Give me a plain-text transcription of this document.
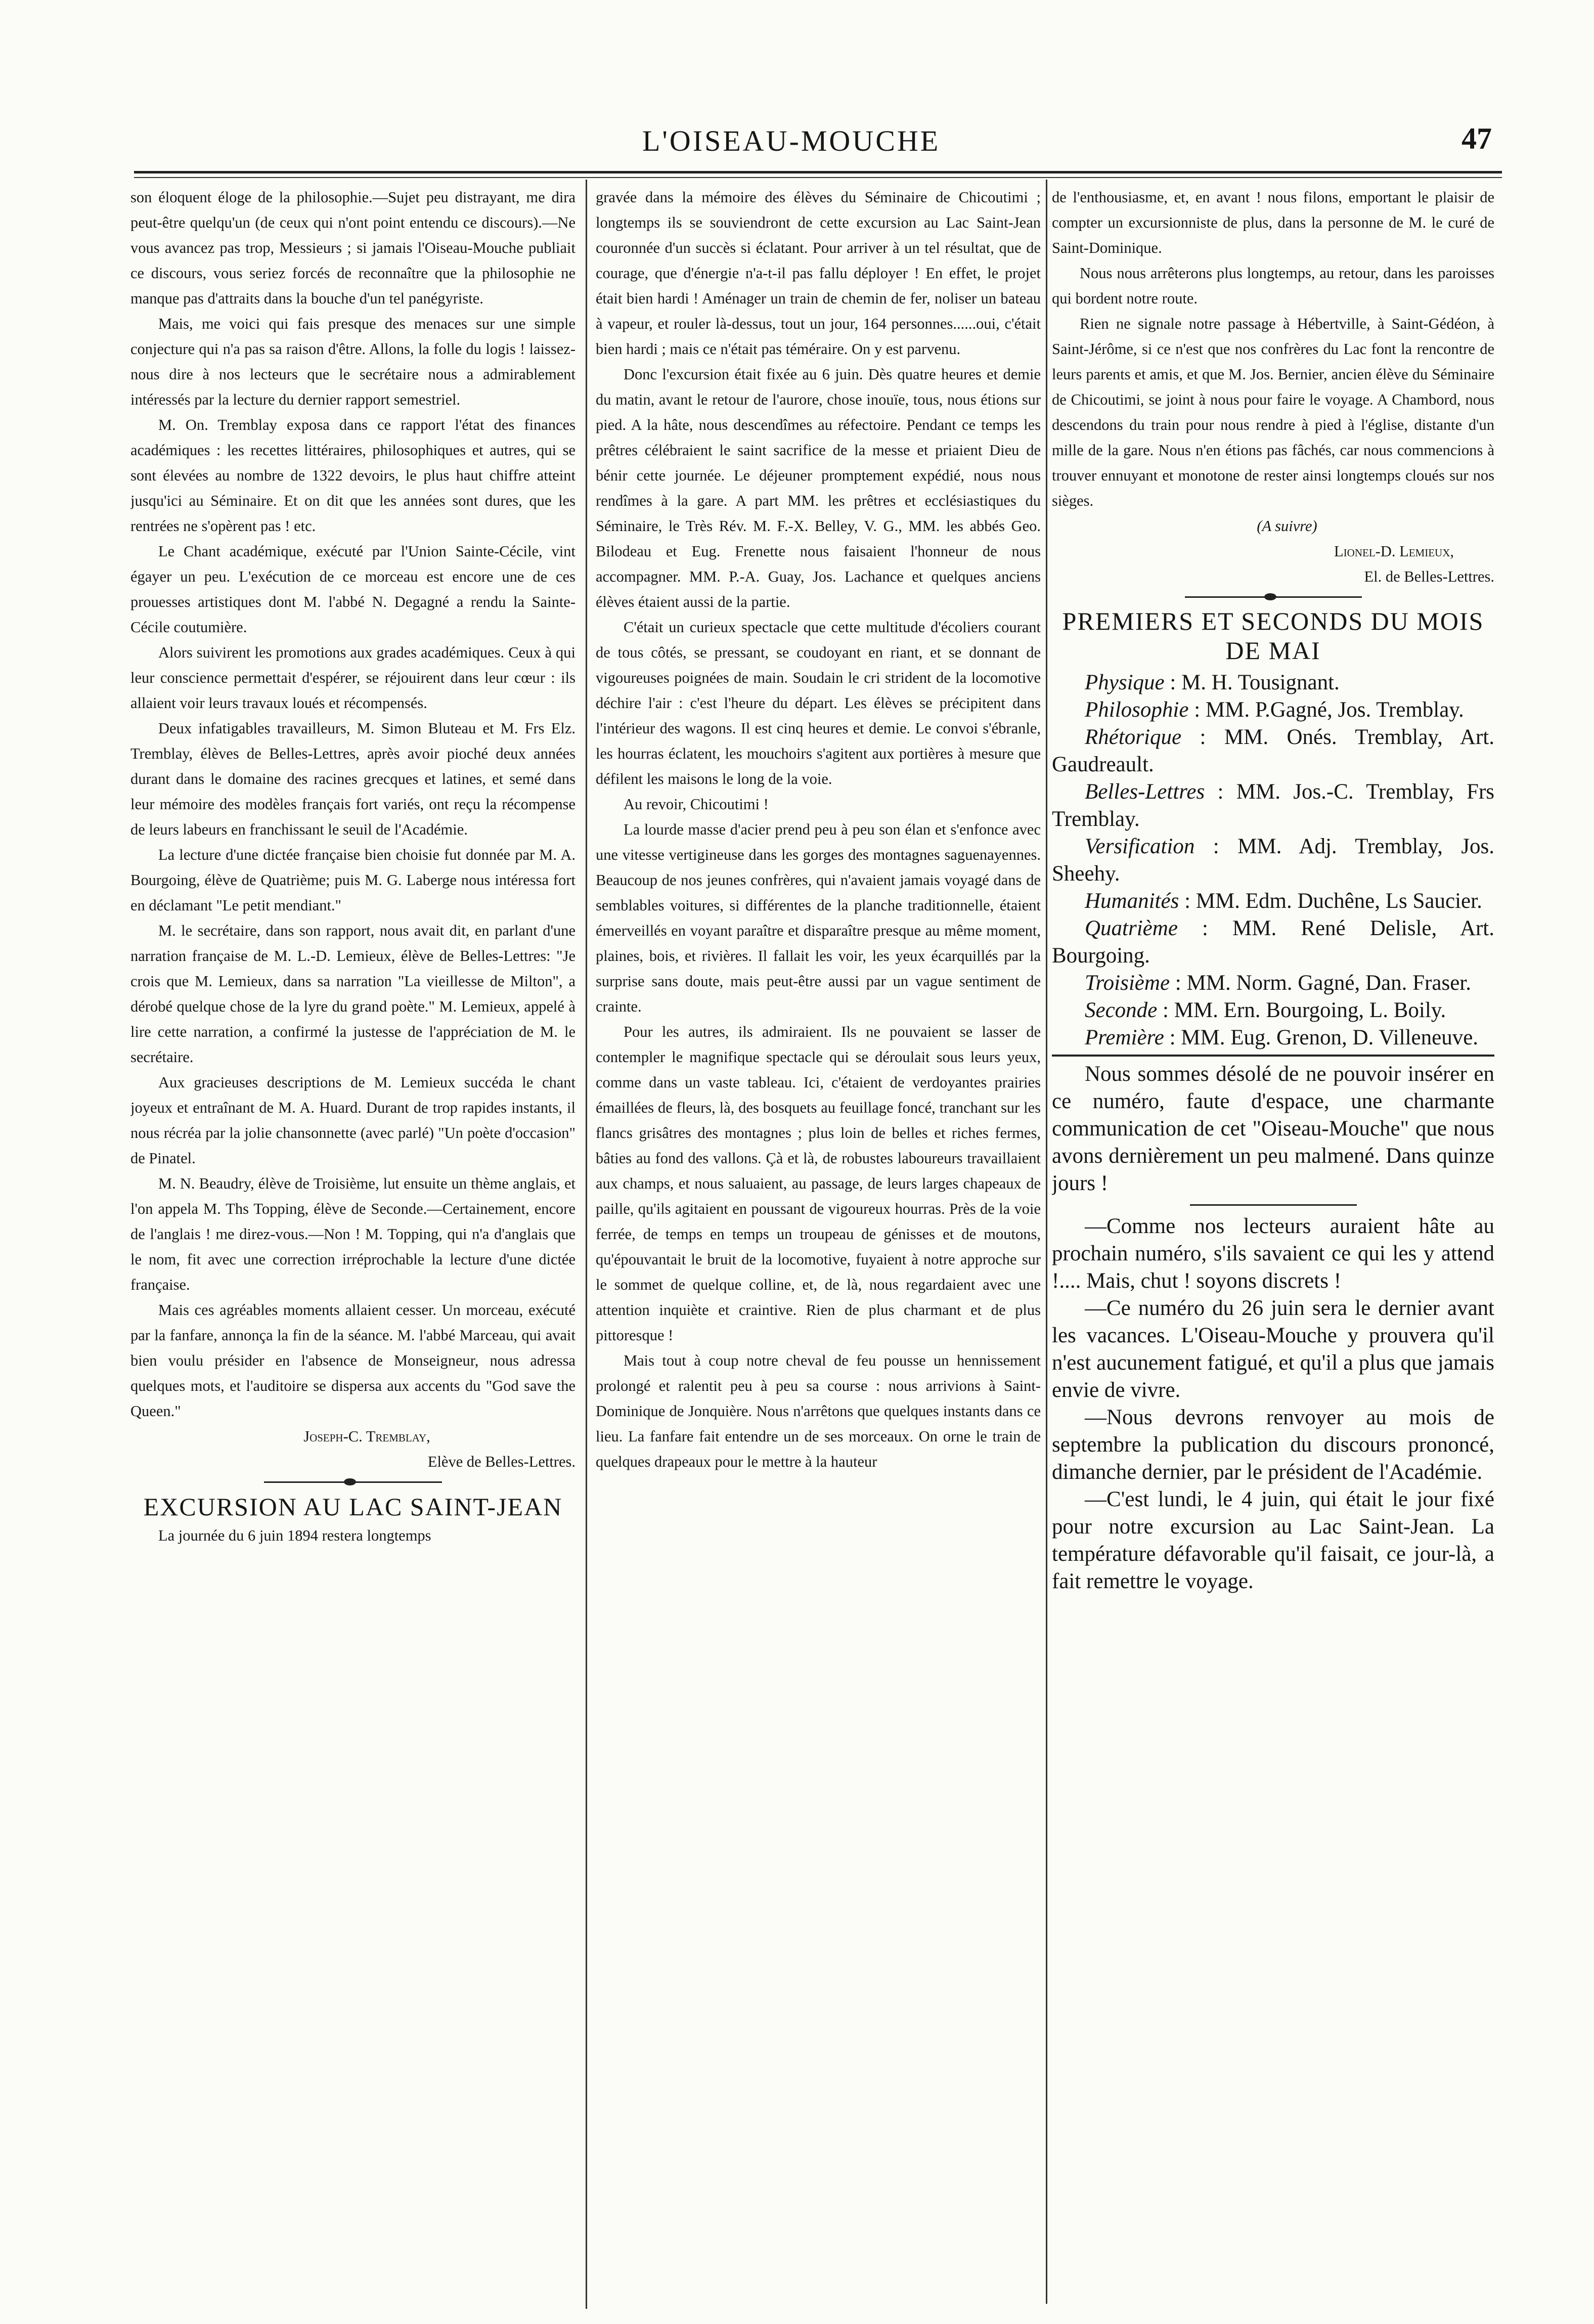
L'OISEAU-MOUCHE	47

son éloquent éloge de la philosophie.—Sujet peu distrayant, me dira peut-être quelqu'un (de ceux qui n'ont point entendu ce discours).—Ne vous avancez pas trop, Messieurs ; si jamais l'Oiseau-Mouche publiait ce discours, vous seriez forcés de reconnaître que la philosophie ne manque pas d'attraits dans la bouche d'un tel panégyriste.

Mais, me voici qui fais presque des menaces sur une simple conjecture qui n'a pas sa raison d'être. Allons, la folle du logis ! laissez-nous dire à nos lecteurs que le secrétaire nous a admirablement intéressés par la lecture du dernier rapport semestriel.

M. On. Tremblay exposa dans ce rapport l'état des finances académiques : les recettes littéraires, philosophiques et autres, qui se sont élevées au nombre de 1322 devoirs, le plus haut chiffre atteint jusqu'ici au Séminaire. Et on dit que les années sont dures, que les rentrées ne s'opèrent pas ! etc.

Le Chant académique, exécuté par l'Union Sainte-Cécile, vint égayer un peu. L'exécution de ce morceau est encore une de ces prouesses artistiques dont M. l'abbé N. Degagné a rendu la Sainte-Cécile coutumière.

Alors suivirent les promotions aux grades académiques. Ceux à qui leur conscience permettait d'espérer, se réjouirent dans leur cœur : ils allaient voir leurs travaux loués et récompensés.

Deux infatigables travailleurs, M. Simon Bluteau et M. Frs Elz. Tremblay, élèves de Belles-Lettres, après avoir pioché deux années durant dans le domaine des racines grecques et latines, et semé dans leur mémoire des modèles français fort variés, ont reçu la récompense de leurs labeurs en franchissant le seuil de l'Académie.

La lecture d'une dictée française bien choisie fut donnée par M. A. Bourgoing, élève de Quatrième; puis M. G. Laberge nous intéressa fort en déclamant "Le petit mendiant."

M. le secrétaire, dans son rapport, nous avait dit, en parlant d'une narration française de M. L.-D. Lemieux, élève de Belles-Lettres: "Je crois que M. Lemieux, dans sa narration "La vieillesse de Milton", a dérobé quelque chose de la lyre du grand poète." M. Lemieux, appelé à lire cette narration, a confirmé la justesse de l'appréciation de M. le secrétaire.

Aux gracieuses descriptions de M. Lemieux succéda le chant joyeux et entraînant de M. A. Huard. Durant de trop rapides instants, il nous récréa par la jolie chansonnette (avec parlé) "Un poète d'occasion" de Pinatel.

M. N. Beaudry, élève de Troisième, lut ensuite un thème anglais, et l'on appela M. Ths Topping, élève de Seconde.—Certainement, encore de l'anglais ! me direz-vous.—Non ! M. Topping, qui n'a d'anglais que le nom, fit avec une correction irréprochable la lecture d'une dictée française.

Mais ces agréables moments allaient cesser. Un morceau, exécuté par la fanfare, annonça la fin de la séance. M. l'abbé Marceau, qui avait bien voulu présider en l'absence de Monseigneur, nous adressa quelques mots, et l'auditoire se dispersa aux accents du "God save the Queen."

Joseph-C. Tremblay,

Elève de Belles-Lettres.

EXCURSION AU LAC SAINT-JEAN

La journée du 6 juin 1894 restera longtemps

gravée dans la mémoire des élèves du Séminaire de Chicoutimi ; longtemps ils se souviendront de cette excursion au Lac Saint-Jean couronnée d'un succès si éclatant. Pour arriver à un tel résultat, que de courage, que d'énergie n'a-t-il pas fallu déployer ! En effet, le projet était bien hardi ! Aménager un train de chemin de fer, noliser un bateau à vapeur, et rouler là-dessus, tout un jour, 164 personnes......oui, c'était bien hardi ; mais ce n'était pas téméraire. On y est parvenu.

Donc l'excursion était fixée au 6 juin. Dès quatre heures et demie du matin, avant le retour de l'aurore, chose inouïe, tous, nous étions sur pied. A la hâte, nous descendîmes au réfectoire. Pendant ce temps les prêtres célébraient le saint sacrifice de la messe et priaient Dieu de bénir cette journée. Le déjeuner promptement expédié, nous nous rendîmes à la gare. A part MM. les prêtres et ecclésiastiques du Séminaire, le Très Rév. M. F.-X. Belley, V. G., MM. les abbés Geo. Bilodeau et Eug. Frenette nous faisaient l'honneur de nous accompagner. MM. P.-A. Guay, Jos. Lachance et quelques anciens élèves étaient aussi de la partie.

C'était un curieux spectacle que cette multitude d'écoliers courant de tous côtés, se pressant, se coudoyant en riant, et se donnant de vigoureuses poignées de main. Soudain le cri strident de la locomotive déchire l'air : c'est l'heure du départ. Les élèves se précipitent dans l'intérieur des wagons. Il est cinq heures et demie. Le convoi s'ébranle, les hourras éclatent, les mouchoirs s'agitent aux portières à mesure que défilent les maisons le long de la voie.

Au revoir, Chicoutimi !

La lourde masse d'acier prend peu à peu son élan et s'enfonce avec une vitesse vertigineuse dans les gorges des montagnes saguenayennes. Beaucoup de nos jeunes confrères, qui n'avaient jamais voyagé dans de semblables voitures, si différentes de la planche traditionnelle, étaient émerveillés en voyant paraître et disparaître presque au même moment, plaines, bois, et rivières. Il fallait les voir, les yeux écarquillés par la surprise sans doute, mais peut-être aussi par un vague sentiment de crainte.

Pour les autres, ils admiraient. Ils ne pouvaient se lasser de contempler le magnifique spectacle qui se déroulait sous leurs yeux, comme dans un vaste tableau. Ici, c'étaient de verdoyantes prairies émaillées de fleurs, là, des bosquets au feuillage foncé, tranchant sur les flancs grisâtres des montagnes ; plus loin de belles et riches fermes, bâties au fond des vallons. Çà et là, de robustes laboureurs travaillaient aux champs, et nous saluaient, au passage, de leurs larges chapeaux de paille, qu'ils agitaient en poussant de vigoureux hourras. Près de la voie ferrée, de temps en temps un troupeau de génisses et de moutons, qu'épouvantait le bruit de la locomotive, fuyaient à notre approche sur le sommet de quelque colline, et, de là, nous regardaient avec une attention inquiète et craintive. Rien de plus charmant et de plus pittoresque !

Mais tout à coup notre cheval de feu pousse un hennissement prolongé et ralentit peu à peu sa course : nous arrivions à Saint-Dominique de Jonquière. Nous n'arrêtons que quelques instants dans ce lieu. La fanfare fait entendre un de ses morceaux. On orne le train de quelques drapeaux pour le mettre à la hauteur

de l'enthousiasme, et, en avant ! nous filons, emportant le plaisir de compter un excursionniste de plus, dans la personne de M. le curé de Saint-Dominique.

Nous nous arrêterons plus longtemps, au retour, dans les paroisses qui bordent notre route.

Rien ne signale notre passage à Hébertville, à Saint-Gédéon, à Saint-Jérôme, si ce n'est que nos confrères du Lac font la rencontre de leurs parents et amis, et que M. Jos. Bernier, ancien élève du Séminaire de Chicoutimi, se joint à nous pour faire le voyage. A Chambord, nous descendons du train pour nous rendre à pied à l'église, distante d'un mille de la gare. Nous n'en étions pas fâchés, car nous commencions à trouver ennuyant et monotone de rester ainsi longtemps cloués sur nos sièges.

(A suivre)

Lionel-D. Lemieux,

El. de Belles-Lettres.

PREMIERS ET SECONDS DU MOIS DE MAI

Physique : M. H. Tousignant.

Philosophie : MM. P.Gagné, Jos. Tremblay.

Rhétorique : MM. Onés. Tremblay, Art. Gaudreault.

Belles-Lettres : MM. Jos.-C. Tremblay, Frs Tremblay.

Versification : MM. Adj. Tremblay, Jos. Sheehy.

Humanités : MM. Edm. Duchêne, Ls Saucier.

Quatrième : MM. René Delisle, Art. Bourgoing.

Troisième : MM. Norm. Gagné, Dan. Fraser.

Seconde : MM. Ern. Bourgoing, L. Boily.

Première : MM. Eug. Grenon, D. Villeneuve.

Nous sommes désolé de ne pouvoir insérer en ce numéro, faute d'espace, une charmante communication de cet "Oiseau-Mouche" que nous avons dernièrement un peu malmené. Dans quinze jours !

—Comme nos lecteurs auraient hâte au prochain numéro, s'ils savaient ce qui les y attend !.... Mais, chut ! soyons discrets !

—Ce numéro du 26 juin sera le dernier avant les vacances. L'Oiseau-Mouche y prouvera qu'il n'est aucunement fatigué, et qu'il a plus que jamais envie de vivre.

—Nous devrons renvoyer au mois de septembre la publication du discours prononcé, dimanche dernier, par le président de l'Académie.

—C'est lundi, le 4 juin, qui était le jour fixé pour notre excursion au Lac Saint-Jean. La température défavorable qu'il faisait, ce jour-là, a fait remettre le voyage.
